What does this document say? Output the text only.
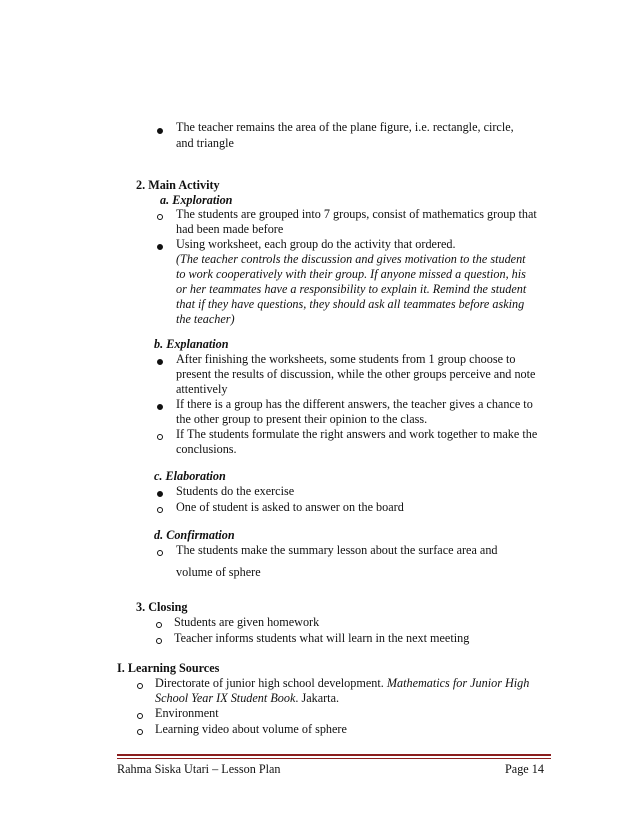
The teacher remains the area of the plane figure, i.e. rectangle, circle,
and triangle
2. Main Activity
a. Exploration
The students are grouped into 7 groups, consist of mathematics group that
had been made before
Using worksheet, each group do the activity that ordered.
(The teacher controls the discussion and gives motivation to the student
to work cooperatively with their group. If anyone missed a question, his
or her teammates have a responsibility to explain it. Remind the student
that if they have questions, they should ask all teammates before asking
the teacher)
b. Explanation
After finishing the worksheets, some students from 1 group choose to
present the results of discussion, while the other groups perceive and note
attentively
If there is a group has the different answers, the teacher gives a chance to
the other group to present their opinion to the class.
If The students formulate the right answers and work together to make the
conclusions.
c. Elaboration
Students do the exercise
One of student is asked to answer on the board
d. Confirmation
The students make the summary lesson about the surface area and
volume of sphere
3. Closing
Students are given homework
Teacher informs students what will learn in the next meeting
I. Learning Sources
Directorate of junior high school development. Mathematics for Junior High
School Year IX Student Book. Jakarta.
Environment
Learning video about volume of sphere
Rahma Siska Utari – Lesson Plan	Page 14
